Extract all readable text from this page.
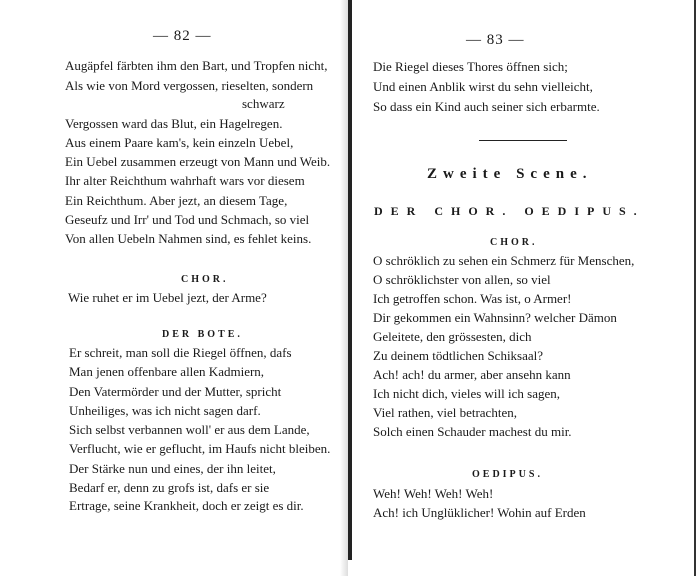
— 82 —
Augäpfel färbten ihm den Bart, und Tropfen nicht,
Als wie von Mord vergossen, rieselten, sondern
schwarz
Vergossen ward das Blut, ein Hagelregen.
Aus einem Paare kam's, kein einzeln Uebel,
Ein Uebel zusammen erzeugt von Mann und Weib.
Ihr alter Reichthum wahrhaft wars vor diesem
Ein Reichthum. Aber jezt, an diesem Tage,
Geseufz und Irr' und Tod und Schmach, so viel
Von allen Uebeln Nahmen sind, es fehlet keins.
CHOR.
Wie ruhet er im Uebel jezt, der Arme?
DER BOTE.
Er schreit, man soll die Riegel öffnen, dafs
Man jenen offenbare allen Kadmiern,
Den Vatermörder und der Mutter, spricht
Unheiliges, was ich nicht sagen darf.
Sich selbst verbannen woll' er aus dem Lande,
Verflucht, wie er geflucht, im Haufs nicht bleiben.
Der Stärke nun und eines, der ihn leitet,
Bedarf er, denn zu grofs ist, dafs er sie
Ertrage, seine Krankheit, doch er zeigt es dir.
— 83 —
Die Riegel dieses Thores öffnen sich;
Und einen Anblik wirst du sehn vielleicht,
So dass ein Kind auch seiner sich erbarmte.
Zweite Scene.
DER CHOR. OEDIPUS.
CHOR.
O schröklich zu sehen ein Schmerz für Menschen,
O schröklichster von allen, so viel
Ich getroffen schon. Was ist, o Armer!
Dir gekommen ein Wahnsinn? welcher Dämon
Geleitete, den grössesten, dich
Zu deinem tödtlichen Schiksaal?
Ach! ach! du armer, aber ansehn kann
Ich nicht dich, vieles will ich sagen,
Viel rathen, viel betrachten,
Solch einen Schauder machest du mir.
OEDIPUS.
Weh! Weh! Weh! Weh!
Ach! ich Unglüklicher! Wohin auf Erden
